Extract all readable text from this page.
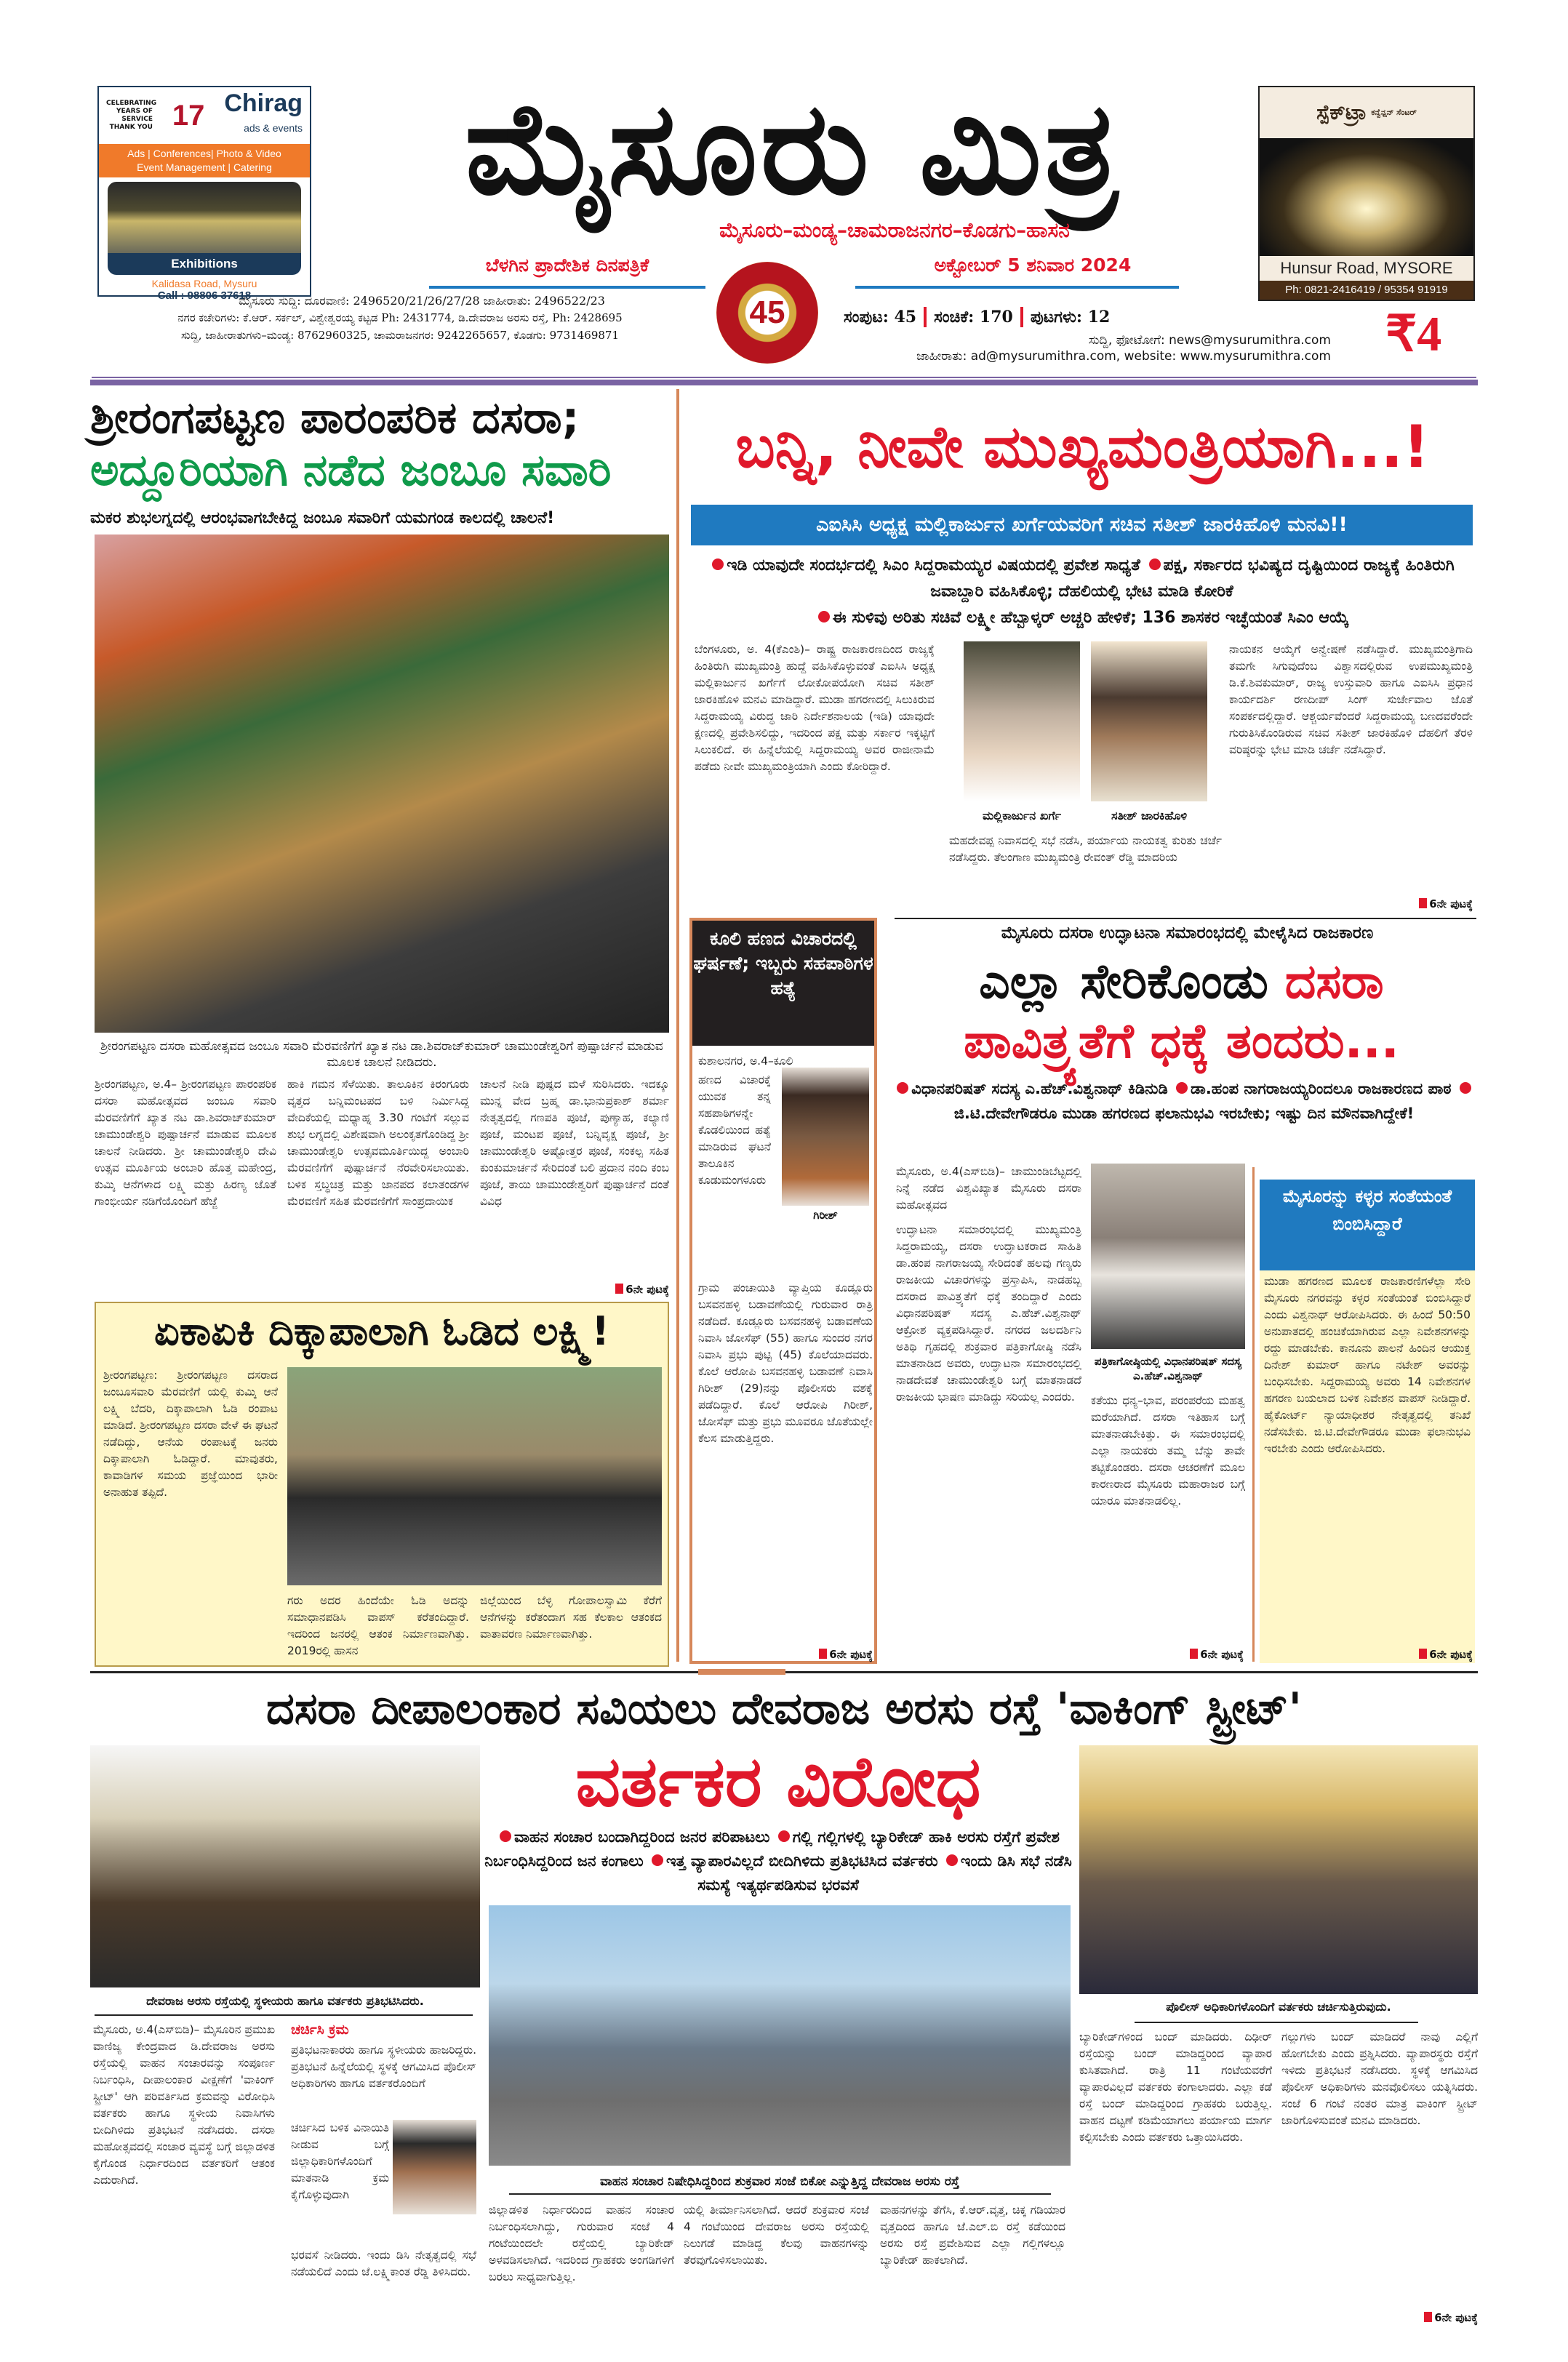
CELEBRATING YEARS OF SERVICE THANK YOU 17 Chirag
ads & events
Ads | Conferences| Photo & Video
Event Management | Catering
Exhibitions
Kalidasa Road, Mysuru
Call : 98806 37618
ಸ್ಪೆಕ್‌ಟ್ರಾ ಕನ್ವೆನ್ಷನ್ ಸೆಂಟರ್
Hunsur Road, MYSORE
Ph: 0821-2416419 / 95354 91919
ಮೈಸೂರು ಮಿತ್ರ
ಮೈಸೂರು–ಮಂಡ್ಯ–ಚಾಮರಾಜನಗರ–ಕೊಡಗು–ಹಾಸನ
ಬೆಳಗಿನ ಪ್ರಾದೇಶಿಕ ದಿನಪತ್ರಿಕೆ
45
ಅಕ್ಟೋಬರ್ 5 ಶನಿವಾರ 2024
ಮೈಸೂರು ಸುದ್ದಿ: ದೂರವಾಣಿ: 2496520/21/26/27/28 ಜಾಹೀರಾತು: 2496522/23
ನಗರ ಕಚೇರಿಗಳು: ಕೆ.ಆರ್. ಸರ್ಕಲ್, ವಿಶ್ವೇಶ್ವರಯ್ಯ ಕಟ್ಟಡ Ph: 2431774, ಡಿ.ದೇವರಾಜ ಅರಸು ರಸ್ತೆ, Ph: 2428695
ಸುದ್ದಿ, ಜಾಹೀರಾತುಗಳು–ಮಂಡ್ಯ: 8762960325, ಚಾಮರಾಜನಗರ: 9242265657, ಕೊಡಗು: 9731469871
ಸಂಪುಟ: 45 ಸಂಚಿಕೆ: 170 ಪುಟಗಳು: 12
ಸುದ್ದಿ, ಫೋಟೋಗೆ: news@mysurumithra.com
ಜಾಹೀರಾತು: ad@mysurumithra.com, website: www.mysurumithra.com ₹4
ಶ್ರೀರಂಗಪಟ್ಟಣ ಪಾರಂಪರಿಕ ದಸರಾ;
ಅದ್ದೂರಿಯಾಗಿ ನಡೆದ ಜಂಬೂ ಸವಾರಿ
ಮಕರ ಶುಭಲಗ್ನದಲ್ಲಿ ಆರಂಭವಾಗಬೇಕಿದ್ದ ಜಂಬೂ ಸವಾರಿಗೆ ಯಮಗಂಡ ಕಾಲದಲ್ಲಿ ಚಾಲನೆ!
ಶ್ರೀರಂಗಪಟ್ಟಣ ದಸರಾ ಮಹೋತ್ಸವದ ಜಂಬೂ ಸವಾರಿ ಮೆರವಣಿಗೆಗೆ ಖ್ಯಾತ ನಟ ಡಾ.ಶಿವರಾಜ್‌ಕುಮಾರ್ ಚಾಮುಂಡೇಶ್ವರಿಗೆ ಪುಷ್ಪಾರ್ಚನೆ ಮಾಡುವ ಮೂಲಕ ಚಾಲನೆ ನೀಡಿದರು.
ಶ್ರೀರಂಗಪಟ್ಟಣ, ಅ.4– ಶ್ರೀರಂಗಪಟ್ಟಣ ಪಾರಂಪರಿಕ ದಸರಾ ಮಹೋತ್ಸವದ ಜಂಬೂ ಸವಾರಿ ಮೆರವಣಿಗೆಗೆ ಖ್ಯಾತ ನಟ ಡಾ.ಶಿವರಾಜ್‌ಕುಮಾರ್ ಚಾಮುಂಡೇಶ್ವರಿ ಪುಷ್ಪಾರ್ಚನೆ ಮಾಡುವ ಮೂಲಕ ಚಾಲನೆ ನೀಡಿದರು. ಶ್ರೀ ಚಾಮುಂಡೇಶ್ವರಿ ದೇವಿ ಉತ್ಸವ ಮೂರ್ತಿಯ ಅಂಬಾರಿ ಹೊತ್ತ ಮಹೇಂದ್ರ, ಕುಮ್ಕಿ ಆನೆಗಳಾದ ಲಕ್ಷ್ಮಿ ಮತ್ತು ಹಿರಣ್ಯ ಜೊತೆ ಗಾಂಭೀರ್ಯ ನಡಿಗೆಯೊಂದಿಗೆ ಹೆಜ್ಜೆ
ಹಾಕಿ ಗಮನ ಸೆಳೆಯಿತು. ತಾಲೂಕಿನ ಕಿರಂಗೂರು ವೃತ್ತದ ಬನ್ನಿಮಂಟಪದ ಬಳಿ ನಿರ್ಮಿಸಿದ್ದ ವೇದಿಕೆಯಲ್ಲಿ ಮಧ್ಯಾಹ್ನ 3.30 ಗಂಟೆಗೆ ಸಲ್ಲುವ ಶುಭ ಲಗ್ನದಲ್ಲಿ ವಿಶೇಷವಾಗಿ ಅಲಂಕೃತಗೊಂಡಿದ್ದ ಶ್ರೀ ಚಾಮುಂಡೇಶ್ವರಿ ಉತ್ಸವಮೂರ್ತಿಯಿದ್ದ ಅಂಬಾರಿ ಮೆರವಣಿಗೆಗೆ ಪುಷ್ಪಾರ್ಚನೆ ನೆರವೇರಿಸಲಾಯಿತು. ಬಳಿಕ ಸ್ತಬ್ಧಚಿತ್ರ ಮತ್ತು ಜಾನಪದ ಕಲಾತಂಡಗಳ ಮೆರವಣಿಗೆ ಸಹಿತ ಮೆರವಣಿಗೆಗೆ ಸಾಂಪ್ರದಾಯಿಕ
ಚಾಲನೆ ನೀಡಿ ಪುಷ್ಪದ ಮಳೆ ಸುರಿಸಿದರು. ಇದಕ್ಕೂ ಮುನ್ನ ವೇದ ಬ್ರಹ್ಮ ಡಾ.ಭಾನುಪ್ರಕಾಶ್ ಶರ್ಮಾ ನೇತೃತ್ವದಲ್ಲಿ ಗಣಪತಿ ಪೂಜೆ, ಪುಣ್ಯಾಹ, ಕಲ್ಯಾಣಿ ಪೂಜೆ, ಮಂಟಪ ಪೂಜೆ, ಬನ್ನಿವೃಕ್ಷ ಪೂಜೆ, ಶ್ರೀ ಚಾಮುಂಡೇಶ್ವರಿ ಅಷ್ಟೋತ್ತರ ಪೂಜೆ, ಸಂಕಲ್ಪ ಸಹಿತ ಕುಂಕುಮಾರ್ಚನೆ ಸೇರಿದಂತೆ ಬಲಿ ಪ್ರದಾನ ನಂದಿ ಕಂಬ ಪೂಜೆ, ತಾಯಿ ಚಾಮುಂಡೇಶ್ವರಿಗೆ ಪುಷ್ಪಾರ್ಚನೆ ದಂತೆ ವಿವಿಧ
6ನೇ ಪುಟಕ್ಕೆ
ಏಕಾಏಕಿ ದಿಕ್ಕಾಪಾಲಾಗಿ ಓಡಿದ ಲಕ್ಷ್ಮಿ!
ಶ್ರೀರಂಗಪಟ್ಟಣ: ಶ್ರೀರಂಗಪಟ್ಟಣ ದಸರಾದ ಜಂಬೂಸವಾರಿ ಮೆರವಣಿಗೆ ಯಲ್ಲಿ ಕುಮ್ಕಿ ಆನೆ ಲಕ್ಷ್ಮಿ ಬೆದರಿ, ದಿಕ್ಕಾಪಾಲಾಗಿ ಓಡಿ ರಂಪಾಟ ಮಾಡಿದೆ. ಶ್ರೀರಂಗಪಟ್ಟಣ ದಸರಾ ವೇಳೆ ಈ ಘಟನೆ ನಡೆದಿದ್ದು, ಆನೆಯ ರಂಪಾಟಕ್ಕೆ ಜನರು ದಿಕ್ಕಾಪಾಲಾಗಿ ಓಡಿದ್ದಾರೆ. ಮಾವುತರು, ಕಾವಾಡಿಗಳ ಸಮಯ ಪ್ರಜ್ಞೆಯಿಂದ ಭಾರೀ ಅನಾಹುತ ತಪ್ಪಿದೆ.
ಗರು ಅದರ ಹಿಂದೆಯೇ ಓಡಿ ಅದನ್ನು ಸಮಾಧಾನಪಡಿಸಿ ವಾಪಸ್ ಕರೆತಂದಿದ್ದಾರೆ. ಇದರಿಂದ ಜನರಲ್ಲಿ ಆತಂಕ ನಿರ್ಮಾಣವಾಗಿತ್ತು. 2019ರಲ್ಲಿ ಹಾಸನ
ಜಿಲ್ಲೆಯಿಂದ ಬೆಳ್ಳಿ ಗೋಪಾಲಸ್ವಾಮಿ ಕೆರೆಗೆ ಆನೆಗಳನ್ನು ಕರೆತಂದಾಗ ಸಹ ಕೆಲಕಾಲ ಆತಂಕದ ವಾತಾವರಣ ನಿರ್ಮಾಣವಾಗಿತ್ತು.
ಬನ್ನಿ, ನೀವೇ ಮುಖ್ಯಮಂತ್ರಿಯಾಗಿ...!
ಎಐಸಿಸಿ ಅಧ್ಯಕ್ಷ ಮಲ್ಲಿಕಾರ್ಜುನ ಖರ್ಗೆಯವರಿಗೆ ಸಚಿವ ಸತೀಶ್ ಜಾರಕಿಹೊಳಿ ಮನವಿ!!
ಇಡಿ ಯಾವುದೇ ಸಂದರ್ಭದಲ್ಲಿ ಸಿಎಂ ಸಿದ್ದರಾಮಯ್ಯರ ವಿಷಯದಲ್ಲಿ ಪ್ರವೇಶ ಸಾಧ್ಯತೆ ಪಕ್ಷ, ಸರ್ಕಾರದ ಭವಿಷ್ಯದ ದೃಷ್ಟಿಯಿಂದ ರಾಜ್ಯಕ್ಕೆ ಹಿಂತಿರುಗಿ ಜವಾಬ್ದಾರಿ ವಹಿಸಿಕೊಳ್ಳಿ; ದೆಹಲಿಯಲ್ಲಿ ಭೇಟಿ ಮಾಡಿ ಕೋರಿಕೆ
ಈ ಸುಳಿವು ಅರಿತು ಸಚಿವೆ ಲಕ್ಷ್ಮೀ ಹೆಬ್ಬಾಳ್ಕರ್ ಅಚ್ಚರಿ ಹೇಳಿಕೆ; 136 ಶಾಸಕರ ಇಚ್ಛೆಯಂತೆ ಸಿಎಂ ಆಯ್ಕೆ
ಬೆಂಗಳೂರು, ಅ. 4(ಕೆಎಂಶಿ)– ರಾಷ್ಟ್ರ ರಾಜಕಾರಣದಿಂದ ರಾಜ್ಯಕ್ಕೆ ಹಿಂತಿರುಗಿ ಮುಖ್ಯಮಂತ್ರಿ ಹುದ್ದೆ ವಹಿಸಿಕೊಳ್ಳುವಂತೆ ಎಐಸಿಸಿ ಅಧ್ಯಕ್ಷ ಮಲ್ಲಿಕಾರ್ಜುನ ಖರ್ಗೆಗೆ ಲೋಕೋಪಯೋಗಿ ಸಚಿವ ಸತೀಶ್ ಜಾರಕಿಹೊಳಿ ಮನವಿ ಮಾಡಿದ್ದಾರೆ. ಮುಡಾ ಹಗರಣದಲ್ಲಿ ಸಿಲುಕಿರುವ ಸಿದ್ದರಾಮಯ್ಯ ವಿರುದ್ಧ ಜಾರಿ ನಿರ್ದೇಶನಾಲಯ (ಇಡಿ) ಯಾವುದೇ ಕ್ಷಣದಲ್ಲಿ ಪ್ರವೇಶಿಸಲಿದ್ದು, ಇದರಿಂದ ಪಕ್ಷ ಮತ್ತು ಸರ್ಕಾರ ಇಕ್ಕಟ್ಟಿಗೆ ಸಿಲುಕಲಿದೆ. ಈ ಹಿನ್ನೆಲೆಯಲ್ಲಿ ಸಿದ್ದರಾಮಯ್ಯ ಅವರ ರಾಜೀನಾಮೆ ಪಡೆದು ನೀವೇ ಮುಖ್ಯಮಂತ್ರಿಯಾಗಿ ಎಂದು ಕೋರಿದ್ದಾರೆ.
ಮಲ್ಲಿಕಾರ್ಜುನ ಖರ್ಗೆ	ಸತೀಶ್ ಜಾರಕಿಹೊಳಿ
ಮಹದೇವಪ್ಪ ನಿವಾಸದಲ್ಲಿ ಸಭೆ ನಡೆಸಿ, ಪರ್ಯಾಯ ನಾಯಕತ್ವ ಕುರಿತು ಚರ್ಚೆ ನಡೆಸಿದ್ದರು. ತೆಲಂಗಾಣ ಮುಖ್ಯಮಂತ್ರಿ ರೇವಂತ್ ರೆಡ್ಡಿ ಮಾದರಿಯ
ನಾಯಕನ ಆಯ್ಕೆಗೆ ಅನ್ವೇಷಣೆ ನಡೆಸಿದ್ದಾರೆ. ಮುಖ್ಯಮಂತ್ರಿಗಾದಿ ತಮಗೇ ಸಿಗುವುದೆಂಬ ವಿಶ್ವಾಸದಲ್ಲಿರುವ ಉಪಮುಖ್ಯಮಂತ್ರಿ ಡಿ.ಕೆ.ಶಿವಕುಮಾರ್, ರಾಜ್ಯ ಉಸ್ತುವಾರಿ ಹಾಗೂ ಎಐಸಿಸಿ ಪ್ರಧಾನ ಕಾರ್ಯದರ್ಶಿ ರಣದೀಪ್ ಸಿಂಗ್ ಸುರ್ಜೇವಾಲ ಜೊತೆ ಸಂಪರ್ಕದಲ್ಲಿದ್ದಾರೆ. ಆಶ್ಚರ್ಯವೆಂದರೆ ಸಿದ್ದರಾಮಯ್ಯ ಬಣದವರೆಂದೇ ಗುರುತಿಸಿಕೊಂಡಿರುವ ಸಚಿವ ಸತೀಶ್ ಜಾರಕಿಹೊಳಿ ದೆಹಲಿಗೆ ತೆರಳಿ ವರಿಷ್ಠರನ್ನು ಭೇಟಿ ಮಾಡಿ ಚರ್ಚೆ ನಡೆಸಿದ್ದಾರೆ.
6ನೇ ಪುಟಕ್ಕೆ
ಕೂಲಿ ಹಣದ ವಿಚಾರದಲ್ಲಿ ಘರ್ಷಣೆ; ಇಬ್ಬರು ಸಹಪಾಠಿಗಳ ಹತ್ಯೆ
ಕುಶಾಲನಗರ, ಅ.4–ಕೂಲಿ
ಹಣದ ವಿಚಾರಕ್ಕೆ ಯುವಕ ತನ್ನ ಸಹಪಾಠಿಗಳನ್ನೇ ಕೊಡಲಿಯಿಂದ ಹತ್ಯೆ ಮಾಡಿರುವ ಘಟನೆ ತಾಲೂಕಿನ ಕೂಡುಮಂಗಳೂರು
ಗಿರೀಶ್
ಗ್ರಾಮ ಪಂಚಾಯಿತಿ ವ್ಯಾಪ್ತಿಯ ಕೂಡ್ಲೂರು ಬಸವನಹಳ್ಳಿ ಬಡಾವಣೆಯಲ್ಲಿ ಗುರುವಾರ ರಾತ್ರಿ ನಡೆದಿದೆ. ಕೂಡ್ಲೂರು ಬಸವನಹಳ್ಳಿ ಬಡಾವಣೆಯ ನಿವಾಸಿ ಜೋಸೆಫ್ (55) ಹಾಗೂ ಸುಂದರ ನಗರ ನಿವಾಸಿ ಪ್ರಭು ಪುಟ್ಟಿ (45) ಕೊಲೆಯಾದವರು. ಕೊಲೆ ಆರೋಪಿ ಬಸವನಹಳ್ಳಿ ಬಡಾವಣೆ ನಿವಾಸಿ ಗಿರೀಶ್ (29)ನನ್ನು ಪೊಲೀಸರು ವಶಕ್ಕೆ ಪಡೆದಿದ್ದಾರೆ. ಕೊಲೆ ಆರೋಪಿ ಗಿರೀಶ್, ಜೋಸೆಫ್ ಮತ್ತು ಪ್ರಭು ಮೂವರೂ ಜೊತೆಯಲ್ಲೇ ಕೆಲಸ ಮಾಡುತ್ತಿದ್ದರು.
6ನೇ ಪುಟಕ್ಕೆ
ಮೈಸೂರು ದಸರಾ ಉದ್ಘಾಟನಾ ಸಮಾರಂಭದಲ್ಲಿ ಮೇಳೈಸಿದ ರಾಜಕಾರಣ
ಎಲ್ಲಾ ಸೇರಿಕೊಂಡು ದಸರಾ
ಪಾವಿತ್ರ್ಯತೆಗೆ ಧಕ್ಕೆ ತಂದರು...
ವಿಧಾನಪರಿಷತ್ ಸದಸ್ಯ ಎ.ಹೆಚ್.ವಿಶ್ವನಾಥ್ ಕಿಡಿನುಡಿ ಡಾ.ಹಂಪ ನಾಗರಾಜಯ್ಯರಿಂದಲೂ ರಾಜಕಾರಣದ ಪಾಠ ಜಿ.ಟಿ.ದೇವೇಗೌಡರೂ ಮುಡಾ ಹಗರಣದ ಫಲಾನುಭವಿ ಇರಬೇಕು; ಇಷ್ಟು ದಿನ ಮೌನವಾಗಿದ್ದೇಕೆ!
ಮೈಸೂರು, ಅ.4(ಎಸ್‌ಬಿಡಿ)– ಚಾಮುಂಡಿಬೆಟ್ಟದಲ್ಲಿ ನಿನ್ನೆ ನಡೆದ ವಿಶ್ವವಿಖ್ಯಾತ ಮೈಸೂರು ದಸರಾ ಮಹೋತ್ಸವದ
ಪತ್ರಿಕಾಗೋಷ್ಠಿಯಲ್ಲಿ ವಿಧಾನಪರಿಷತ್ ಸದಸ್ಯ ಎ.ಹೆಚ್.ವಿಶ್ವನಾಥ್
ಉದ್ಘಾಟನಾ ಸಮಾರಂಭದಲ್ಲಿ ಮುಖ್ಯಮಂತ್ರಿ ಸಿದ್ದರಾಮಯ್ಯ, ದಸರಾ ಉದ್ಘಾಟಕರಾದ ಸಾಹಿತಿ ಡಾ.ಹಂಪ ನಾಗರಾಜಯ್ಯ ಸೇರಿದಂತೆ ಹಲವು ಗಣ್ಯರು ರಾಜಕೀಯ ವಿಚಾರಗಳನ್ನು ಪ್ರಸ್ತಾಪಿಸಿ, ನಾಡಹಬ್ಬ ದಸರಾದ ಪಾವಿತ್ರ್ಯತೆಗೆ ಧಕ್ಕೆ ತಂದಿದ್ದಾರೆ ಎಂದು ವಿಧಾನಪರಿಷತ್ ಸದಸ್ಯ ಎ.ಹೆಚ್.ವಿಶ್ವನಾಥ್ ಆಕ್ರೋಶ ವ್ಯಕ್ತಪಡಿಸಿದ್ದಾರೆ. ನಗರದ ಜಲದರ್ಶಿನಿ ಅತಿಥಿ ಗೃಹದಲ್ಲಿ ಶುಕ್ರವಾರ ಪತ್ರಿಕಾಗೋಷ್ಠಿ ನಡೆಸಿ ಮಾತನಾಡಿದ ಅವರು, ಉದ್ಘಾಟನಾ ಸಮಾರಂಭದಲ್ಲಿ ನಾಡದೇವತೆ ಚಾಮುಂಡೇಶ್ವರಿ ಬಗ್ಗೆ ಮಾತನಾಡದೆ ರಾಜಕೀಯ ಭಾಷಣ ಮಾಡಿದ್ದು ಸರಿಯಲ್ಲ ಎಂದರು.	ಕತೆಯು ಧನ್ಯ–ಭಾವ, ಪರಂಪರೆಯ ಮಹತ್ವ ಮರೆಯಾಗಿದೆ. ದಸರಾ ಇತಿಹಾಸ ಬಗ್ಗೆ ಮಾತನಾಡಬೇಕಿತ್ತು. ಈ ಸಮಾರಂಭದಲ್ಲಿ ಎಲ್ಲಾ ನಾಯಕರು ತಮ್ಮ ಬೆನ್ನು ತಾವೇ ತಟ್ಟಿಕೊಂಡರು. ದಸರಾ ಆಚರಣೆಗೆ ಮೂಲ ಕಾರಣರಾದ ಮೈಸೂರು ಮಹಾರಾಜರ ಬಗ್ಗೆ ಯಾರೂ ಮಾತನಾಡಲಿಲ್ಲ.
6ನೇ ಪುಟಕ್ಕೆ
ಮೈಸೂರನ್ನು ಕಳ್ಳರ ಸಂತೆಯಂತೆ ಬಿಂಬಿಸಿದ್ದಾರೆ
ಮುಡಾ ಹಗರಣದ ಮೂಲಕ ರಾಜಕಾರಣಿಗಳೆಲ್ಲಾ ಸೇರಿ ಮೈಸೂರು ನಗರವನ್ನು ಕಳ್ಳರ ಸಂತೆಯಂತೆ ಬಿಂಬಿಸಿದ್ದಾರೆ ಎಂದು ವಿಶ್ವನಾಥ್ ಆರೋಪಿಸಿದರು. ಈ ಹಿಂದೆ 50:50 ಅನುಪಾತದಲ್ಲಿ ಹಂಚಿಕೆಯಾಗಿರುವ ಎಲ್ಲಾ ನಿವೇಶನಗಳನ್ನು ರದ್ದು ಮಾಡಬೇಕು. ಕಾನೂನು ಪಾಲನೆ ಹಿಂದಿನ ಆಯುಕ್ತ ದಿನೇಶ್ ಕುಮಾರ್ ಹಾಗೂ ನಟೇಶ್ ಅವರನ್ನು ಬಂಧಿಸಬೇಕು. ಸಿದ್ದರಾಮಯ್ಯ ಅವರು 14 ನಿವೇಶನಗಳ ಹಗರಣ ಬಯಲಾದ ಬಳಿಕ ನಿವೇಶನ ವಾಪಸ್ ನೀಡಿದ್ದಾರೆ. ಹೈಕೋರ್ಟ್ ನ್ಯಾಯಾಧೀಶರ ನೇತೃತ್ವದಲ್ಲಿ ತನಿಖೆ ನಡೆಸಬೇಕು. ಜಿ.ಟಿ.ದೇವೇಗೌಡರೂ ಮುಡಾ ಫಲಾನುಭವಿ ಇರಬೇಕು ಎಂದು ಆರೋಪಿಸಿದರು.
6ನೇ ಪುಟಕ್ಕೆ
ದಸರಾ ದೀಪಾಲಂಕಾರ ಸವಿಯಲು ದೇವರಾಜ ಅರಸು ರಸ್ತೆ 'ವಾಕಿಂಗ್ ಸ್ಟ್ರೀಟ್'
ವರ್ತಕರ ವಿರೋಧ
ವಾಹನ ಸಂಚಾರ ಬಂದಾಗಿದ್ದರಿಂದ ಜನರ ಪರಿಪಾಟಲು ಗಲ್ಲಿ ಗಲ್ಲಿಗಳಲ್ಲಿ ಬ್ಯಾರಿಕೇಡ್ ಹಾಕಿ ಅರಸು ರಸ್ತೆಗೆ ಪ್ರವೇಶ ನಿರ್ಬಂಧಿಸಿದ್ದರಿಂದ ಜನ ಕಂಗಾಲು ಇತ್ತ ವ್ಯಾಪಾರವಿಲ್ಲದೆ ಬೀದಿಗಿಳಿದು ಪ್ರತಿಭಟಿಸಿದ ವರ್ತಕರು ಇಂದು ಡಿಸಿ ಸಭೆ ನಡೆಸಿ ಸಮಸ್ಯೆ ಇತ್ಯರ್ಥಪಡಿಸುವ ಭರವಸೆ
ವಾಹನ ಸಂಚಾರ ನಿಷೇಧಿಸಿದ್ದರಿಂದ ಶುಕ್ರವಾರ ಸಂಜೆ ಬಿಕೋ ಎನ್ನುತ್ತಿದ್ದ ದೇವರಾಜ ಅರಸು ರಸ್ತೆ
ದೇವರಾಜ ಅರಸು ರಸ್ತೆಯಲ್ಲಿ ಸ್ಥಳೀಯರು ಹಾಗೂ ವರ್ತಕರು ಪ್ರತಿಭಟಿಸಿದರು.	ಪೊಲೀಸ್ ಅಧಿಕಾರಿಗಳೊಂದಿಗೆ ವರ್ತಕರು ಚರ್ಚಿಸುತ್ತಿರುವುದು.
ಮೈಸೂರು, ಅ.4(ಎಸ್‌ಬಿಡಿ)– ಮೈಸೂರಿನ ಪ್ರಮುಖ ವಾಣಿಜ್ಯ ಕೇಂದ್ರವಾದ ಡಿ.ದೇವರಾಜ ಅರಸು ರಸ್ತೆಯಲ್ಲಿ ವಾಹನ ಸಂಚಾರವನ್ನು ಸಂಪೂರ್ಣ ನಿರ್ಬಂಧಿಸಿ, ದೀಪಾಲಂಕಾರ ವೀಕ್ಷಣೆಗೆ 'ವಾಕಿಂಗ್ ಸ್ಟ್ರೀಟ್' ಆಗಿ ಪರಿವರ್ತಿಸಿದ ಕ್ರಮವನ್ನು ವಿರೋಧಿಸಿ ವರ್ತಕರು ಹಾಗೂ ಸ್ಥಳೀಯ ನಿವಾಸಿಗಳು ಬೀದಿಗಿಳಿದು ಪ್ರತಿಭಟನೆ ನಡೆಸಿದರು. ದಸರಾ ಮಹೋತ್ಸವದಲ್ಲಿ ಸಂಚಾರ ವ್ಯವಸ್ಥೆ ಬಗ್ಗೆ ಜಿಲ್ಲಾಡಳಿತ ಕೈಗೊಂಡ ನಿರ್ಧಾರದಿಂದ ವರ್ತಕರಿಗೆ ಆತಂಕ ಎದುರಾಗಿದೆ.
ಚರ್ಚಿಸಿ ಕ್ರಮ
ಪ್ರತಿಭಟನಾಕಾರರು ಹಾಗೂ ಸ್ಥಳೀಯರು ಹಾಜರಿದ್ದರು. ಪ್ರತಿಭಟನೆ ಹಿನ್ನೆಲೆಯಲ್ಲಿ ಸ್ಥಳಕ್ಕೆ ಆಗಮಿಸಿದ ಪೊಲೀಸ್ ಅಧಿಕಾರಿಗಳು ಹಾಗೂ ವರ್ತಕರೊಂದಿಗೆ
ಚರ್ಚಿಸಿದ ಬಳಿಕ ವಿನಾಯಿತಿ ನೀಡುವ ಬಗ್ಗೆ ಜಿಲ್ಲಾಧಿಕಾರಿಗಳೊಂದಿಗೆ ಮಾತನಾಡಿ ಕ್ರಮ ಕೈಗೊಳ್ಳುವುದಾಗಿ
ಭರವಸೆ ನೀಡಿದರು. ಇಂದು ಡಿಸಿ ನೇತೃತ್ವದಲ್ಲಿ ಸಭೆ ನಡೆಯಲಿದೆ ಎಂದು ಜೆ.ಲಕ್ಷ್ಮಿಕಾಂತ ರೆಡ್ಡಿ ತಿಳಿಸಿದರು.
ಜಿಲ್ಲಾಡಳಿತ ನಿರ್ಧಾರದಿಂದ ವಾಹನ ಸಂಚಾರ ನಿರ್ಬಂಧಿಸಲಾಗಿದ್ದು, ಗುರುವಾರ ಸಂಜೆ 4 ಗಂಟೆಯಿಂದಲೇ ರಸ್ತೆಯಲ್ಲಿ ಬ್ಯಾರಿಕೇಡ್ ಅಳವಡಿಸಲಾಗಿದೆ. ಇದರಿಂದ ಗ್ರಾಹಕರು ಅಂಗಡಿಗಳಿಗೆ ಬರಲು ಸಾಧ್ಯವಾಗುತ್ತಿಲ್ಲ.
ಯಲ್ಲಿ ತೀರ್ಮಾನಿಸಲಾಗಿದೆ. ಆದರೆ ಶುಕ್ರವಾರ ಸಂಜೆ 4 ಗಂಟೆಯಿಂದ ದೇವರಾಜ ಅರಸು ರಸ್ತೆಯಲ್ಲಿ ನಿಲುಗಡೆ ಮಾಡಿದ್ದ ಕೆಲವು ವಾಹನಗಳನ್ನು ತೆರವುಗೊಳಿಸಲಾಯಿತು.
ವಾಹನಗಳನ್ನು ತೆಗೆಸಿ, ಕೆ.ಆರ್.ವೃತ್ತ, ಚಿಕ್ಕ ಗಡಿಯಾರ ವೃತ್ತದಿಂದ ಹಾಗೂ ಜೆ.ಎಲ್.ಬಿ ರಸ್ತೆ ಕಡೆಯಿಂದ ಅರಸು ರಸ್ತೆ ಪ್ರವೇಶಿಸುವ ಎಲ್ಲಾ ಗಲ್ಲಿಗಳಲ್ಲೂ ಬ್ಯಾರಿಕೇಡ್ ಹಾಕಲಾಗಿದೆ.
ಬ್ಯಾರಿಕೇಡ್‌ಗಳಿಂದ ಬಂದ್ ಮಾಡಿದರು. ದಿಢೀರ್ ರಸ್ತೆಯನ್ನು ಬಂದ್ ಮಾಡಿದ್ದರಿಂದ ವ್ಯಾಪಾರ ಕುಸಿತವಾಗಿದೆ. ರಾತ್ರಿ 11 ಗಂಟೆಯವರೆಗೆ ವ್ಯಾಪಾರವಿಲ್ಲದೆ ವರ್ತಕರು ಕಂಗಾಲಾದರು. ಎಲ್ಲಾ ಕಡೆ ರಸ್ತೆ ಬಂದ್ ಮಾಡಿದ್ದರಿಂದ ಗ್ರಾಹಕರು ಬರುತ್ತಿಲ್ಲ. ವಾಹನ ದಟ್ಟಣೆ ಕಡಿಮೆಯಾಗಲು ಪರ್ಯಾಯ ಮಾರ್ಗ ಕಲ್ಪಿಸಬೇಕು ಎಂದು ವರ್ತಕರು ಒತ್ತಾಯಿಸಿದರು.
ಗಲ್ಲುಗಳು ಬಂದ್ ಮಾಡಿದರೆ ನಾವು ಎಲ್ಲಿಗೆ ಹೋಗಬೇಕು ಎಂದು ಪ್ರಶ್ನಿಸಿದರು. ವ್ಯಾಪಾರಸ್ಥರು ರಸ್ತೆಗೆ ಇಳಿದು ಪ್ರತಿಭಟನೆ ನಡೆಸಿದರು. ಸ್ಥಳಕ್ಕೆ ಆಗಮಿಸಿದ ಪೊಲೀಸ್ ಅಧಿಕಾರಿಗಳು ಮನವೊಲಿಸಲು ಯತ್ನಿಸಿದರು. ಸಂಜೆ 6 ಗಂಟೆ ನಂತರ ಮಾತ್ರ ವಾಕಿಂಗ್ ಸ್ಟ್ರೀಟ್ ಜಾರಿಗೊಳಿಸುವಂತೆ ಮನವಿ ಮಾಡಿದರು.
6ನೇ ಪುಟಕ್ಕೆ
